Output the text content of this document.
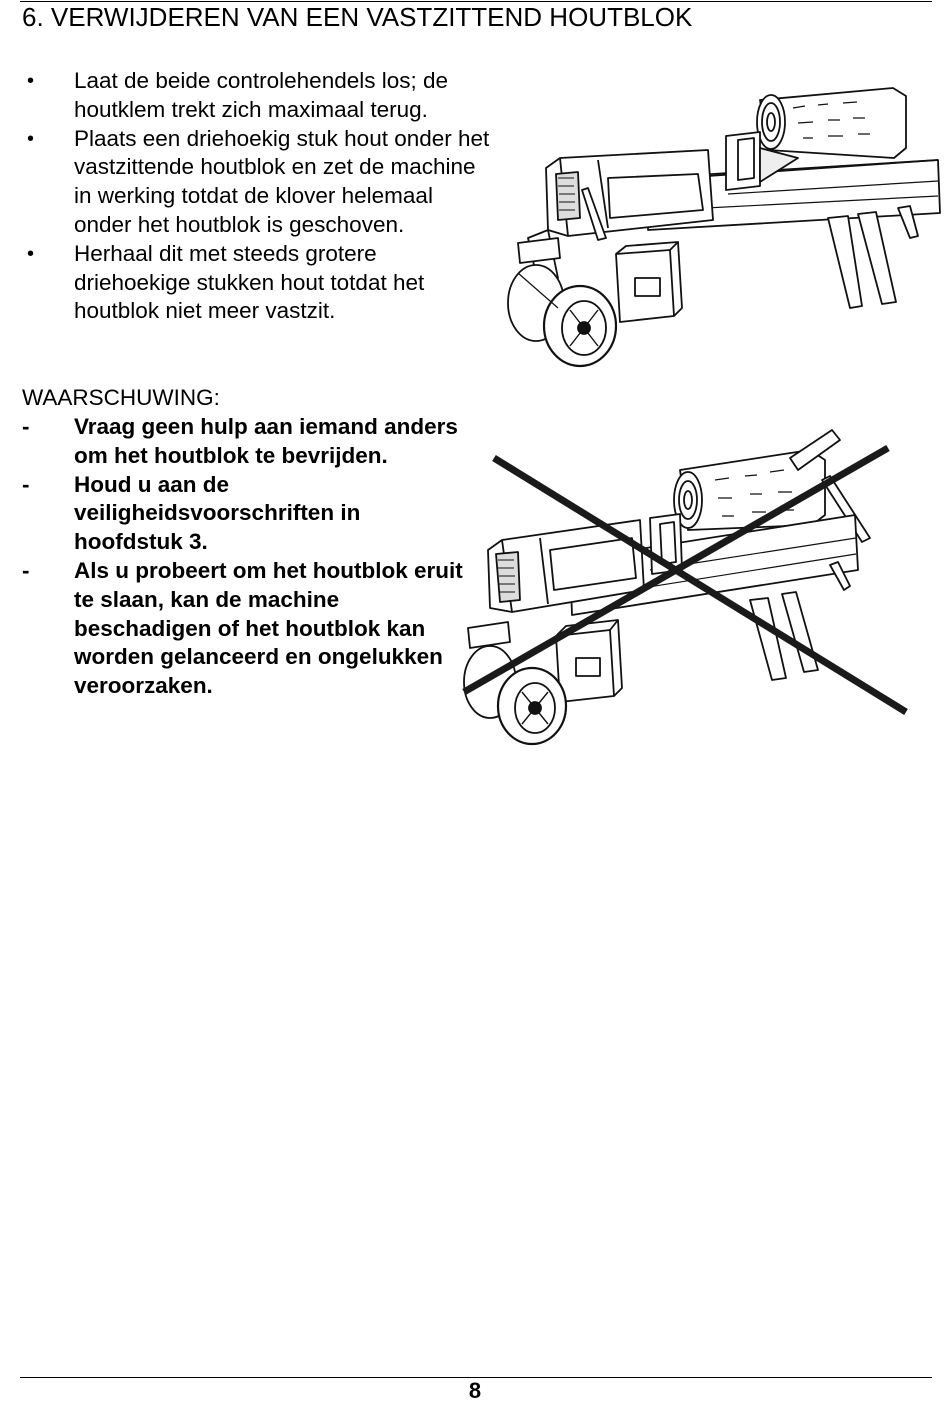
6. VERWIJDEREN VAN EEN VASTZITTEND HOUTBLOK
• Laat de beide controlehendels los; de houtklem trekt zich maximaal terug.
• Plaats een driehoekig stuk hout onder het vastzittende houtblok en zet de machine in werking totdat de klover helemaal onder het houtblok is geschoven.
• Herhaal dit met steeds grotere driehoekige stukken hout totdat het houtblok niet meer vastzit.
WAARSCHUWING:
- Vraag geen hulp aan iemand anders om het houtblok te bevrijden.
- Houd u aan de veiligheidsvoorschriften in hoofdstuk 3.
- Als u probeert om het houtblok eruit te slaan, kan de machine beschadigen of het houtblok kan worden gelanceerd en ongelukken veroorzaken.
8
